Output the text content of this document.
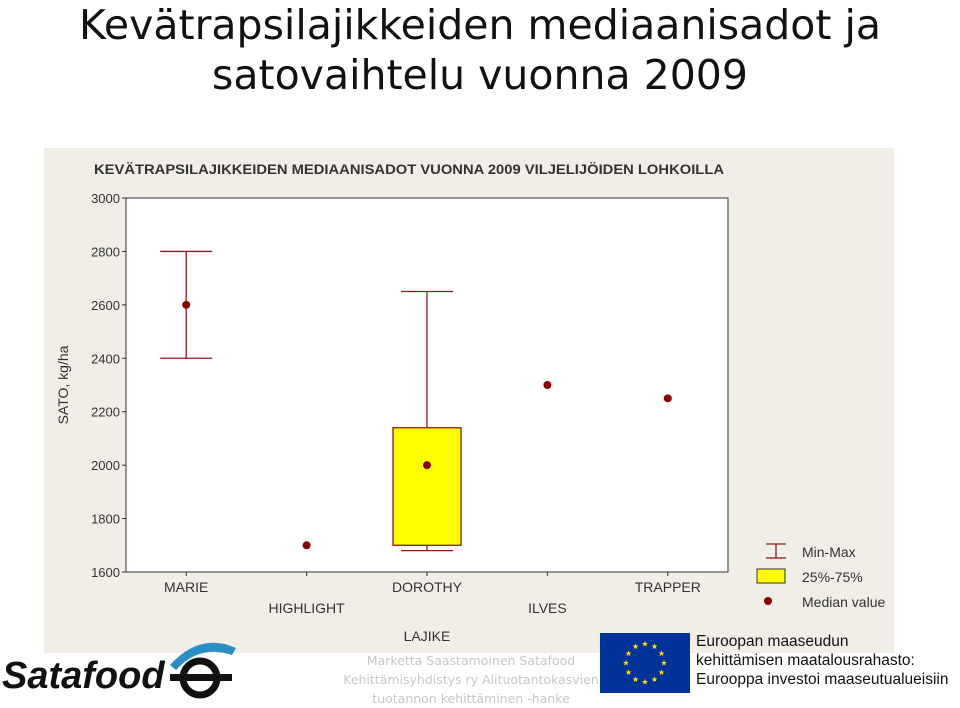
Kevätrapsilajikkeiden mediaanisadot ja
satovaihtelu vuonna 2009
KEVÄTRAPSILAJIKKEIDEN MEDIAANISADOT VUONNA 2009 VILJELIJÖIDEN LOHKOILLA
3000
2800
2600
2400
2200
2000
1800
1600
SATO, kg/ha
MARIE
HIGHLIGHT
DOROTHY
ILVES
TRAPPER
LAJIKE
Min-Max
25%-75%
Median value
Satafood	Marketta Saastamoinen Satafood
Kehittämisyhdistys ry Alituotantokasvien
tuotannon kehittäminen -hanke
Euroopan maaseudun
kehittämisen maatalousrahasto:
Eurooppa investoi maaseutualueisiin
